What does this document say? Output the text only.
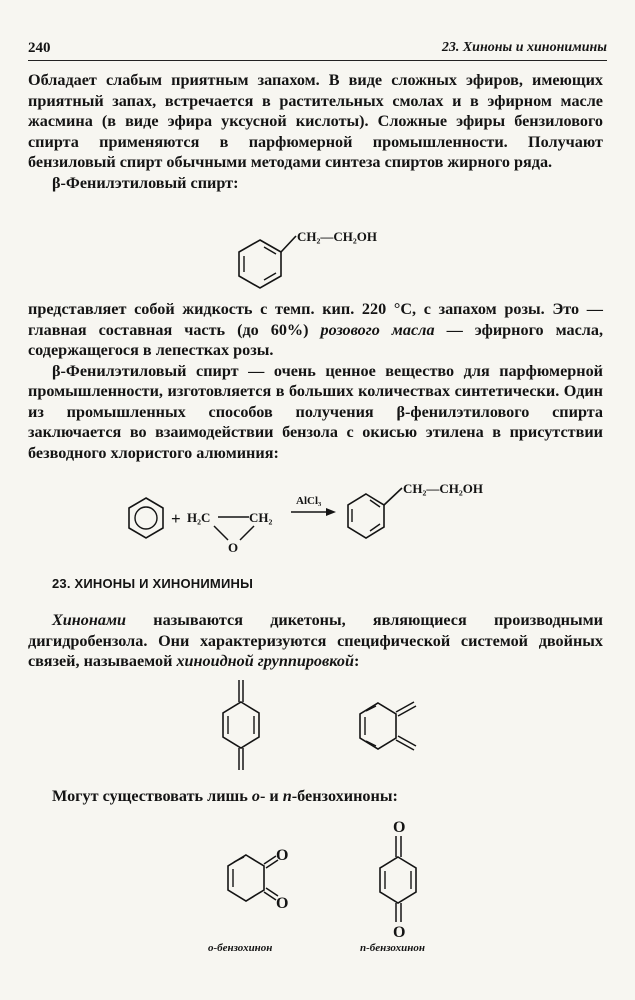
240	23. Хиноны и хинонимины

Обладает слабым приятным запахом. В виде сложных эфиров, имеющих приятный запах, встречается в растительных смолах и в эфирном масле жасмина (в виде эфира уксусной кислоты). Сложные эфиры бензилового спирта применяются в парфюмерной промышленности. Получают бензиловый спирт обычными методами синтеза спиртов жирного ряда.

β-Фенилэтиловый спирт:

CH₂—CH₂OH
+ H₂C	CH₂
O
AlCl₃
CH₂—CH₂OH
O
O
O
O

представляет собой жидкость с темп. кип. 220 °C, с запахом розы. Это — главная составная часть (до 60%) розового масла — эфирного масла, содержащегося в лепестках розы.

β-Фенилэтиловый спирт — очень ценное вещество для парфюмерной промышленности, изготовляется в больших количествах синтетически. Один из промышленных способов получения β-фенилэтилового спирта заключается во взаимодействии бензола с окисью этилена в присутствии безводного хлористого алюминия:

23. ХИНОНЫ И ХИНОНИМИНЫ

Хинонами называются дикетоны, являющиеся производными дигидробензола. Они характеризуются специфической системой двойных связей, называемой хиноидной группировкой:

Могут существовать лишь о- и п-бензохиноны:

о-бензохинон	п-бензохинон
